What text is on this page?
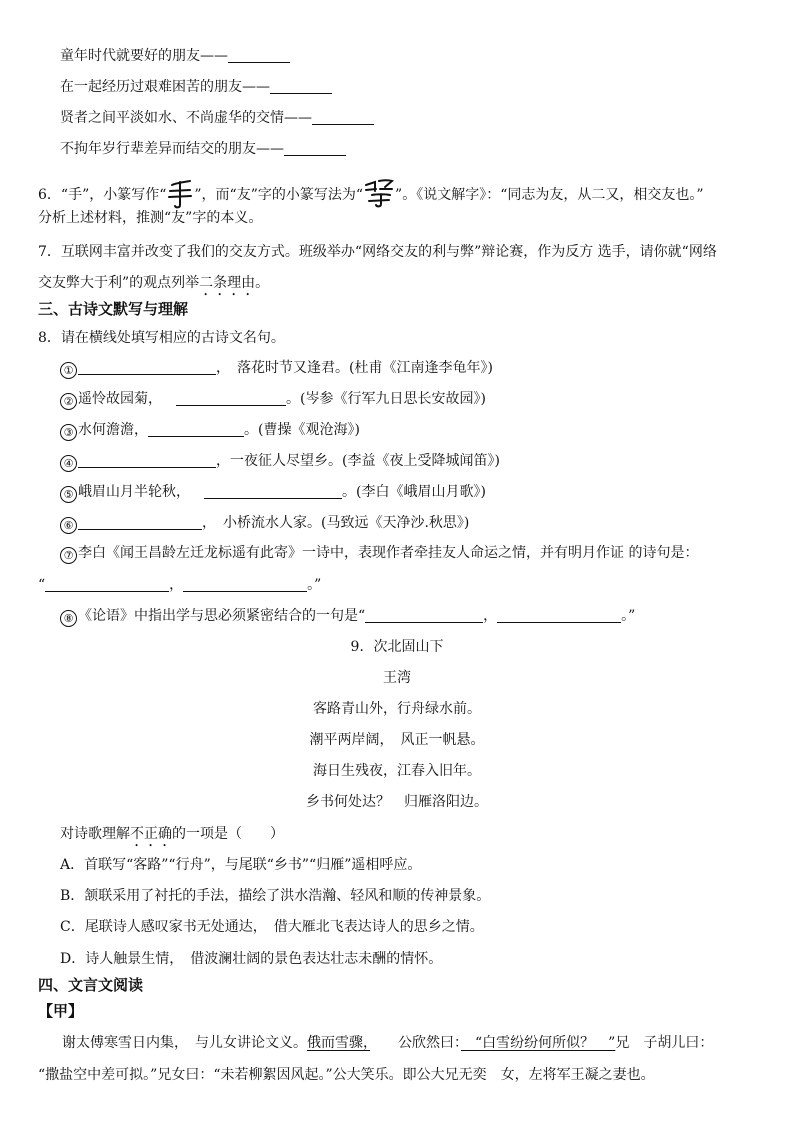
童年时代就要好的朋友——
在一起经历过艰难困苦的朋友——
贤者之间平淡如水、不尚虚华的交情——
不拘年岁行辈差异而结交的朋友——
6．“手”，小篆写作“ ”，而“友”字的小篆写法为“ ”。《说文解字》：“同志为友，从二又，相交友也。”
分析上述材料，推测“友”字的本义。
7．互联网丰富并改变了我们的交友方式。班级举办“网络交友的利与弊”辩论赛，作为反方 选手，请你就“网络
交友弊大于利”的观点列举二条理由。
三、古诗文默写与理解
8．请在横线处填写相应的古诗文名句。
①	，　落花时节又逢君。(杜甫《江南逢李龟年》)
② 遥怜故园菊，	。(岑参《行军九日思长安故园》)
③ 水何澹澹，	。(曹操《观沧海》)
④	，一夜征人尽望乡。(李益《夜上受降城闻笛》)
⑤ 峨眉山月半轮秋，	。(李白《峨眉山月歌》)
⑥	，　小桥流水人家。(马致远《天净沙.秋思》)
⑦ 李白《闻王昌龄左迁龙标遥有此寄》一诗中，表现作者牵挂友人命运之情，并有明月作证 的诗句是：
“	，	。”
⑧ 《论语》中指出学与思必须紧密结合的一句是“	，	。”
9．次北固山下
王湾
客路青山外，行舟绿水前。
潮平两岸阔，　风正一帆悬。
海日生残夜，江春入旧年。
乡书何处达？　归雁洛阳边。
对诗歌理解不正确的一项是（　　）
A．首联写“客路”“行舟”，与尾联“乡书”“归雁”遥相呼应。
B．颔联采用了衬托的手法，描绘了洪水浩瀚、轻风和顺的传神景象。
C．尾联诗人感叹家书无处通达，　借大雁北飞表达诗人的思乡之情。
D．诗人触景生情，　借波澜壮阔的景色表达壮志未酬的情怀。
四、文言文阅读
【甲】
谢太傅寒雪日内集，　与儿女讲论文义。俄而雪骤，　　公欣然曰：　“白雪纷纷何所似？　”兄　子胡儿曰：
“撒盐空中差可拟。”兄女曰：“未若柳絮因风起。”公大笑乐。即公大兄无奕　女，左将军王凝之妻也。
